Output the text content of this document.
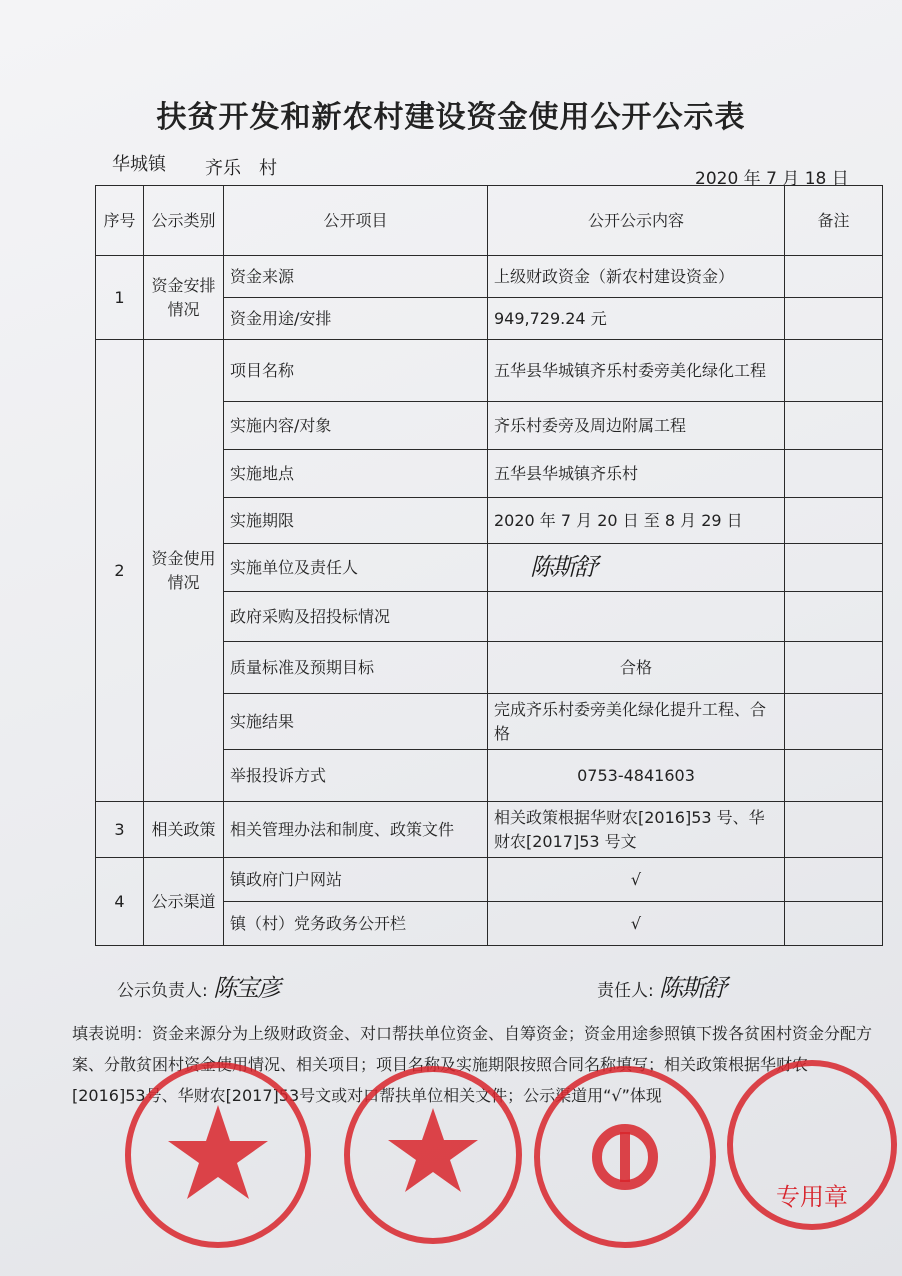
扶贫开发和新农村建设资金使用公开公示表
华城镇 齐乐　村	2020 年 7 月 18 日
序号	公示类别	公开项目	公开公示内容	备注
1	资金安排情况	资金来源	上级财政资金（新农村建设资金）	
		资金用途/安排	949,729.24 元	
2	资金使用情况	项目名称	五华县华城镇齐乐村委旁美化绿化工程	
		实施内容/对象	齐乐村委旁及周边附属工程	
		实施地点	五华县华城镇齐乐村	
		实施期限	2020 年 7 月 20 日 至 8 月 29 日	
		实施单位及责任人	陈斯舒	
		政府采购及招投标情况		
		质量标准及预期目标	合格	
		实施结果	完成齐乐村委旁美化绿化提升工程、合格	
		举报投诉方式	0753-4841603	
3	相关政策	相关管理办法和制度、政策文件	相关政策根据华财农[2016]53 号、华财农[2017]53 号文	
4	公示渠道	镇政府门户网站	√	
		镇（村）党务政务公开栏	√	
公示负责人: 陈宝彦	责任人: 陈斯舒
填表说明：资金来源分为上级财政资金、对口帮扶单位资金、自筹资金；资金用途参照镇下拨各贫困村资金分配方案、分散贫困村资金使用情况、相关项目；项目名称及实施期限按照合同名称填写；相关政策根据华财农[2016]53号、华财农[2017]53号文或对口帮扶单位相关文件；公示渠道用“√”体现
专用章
